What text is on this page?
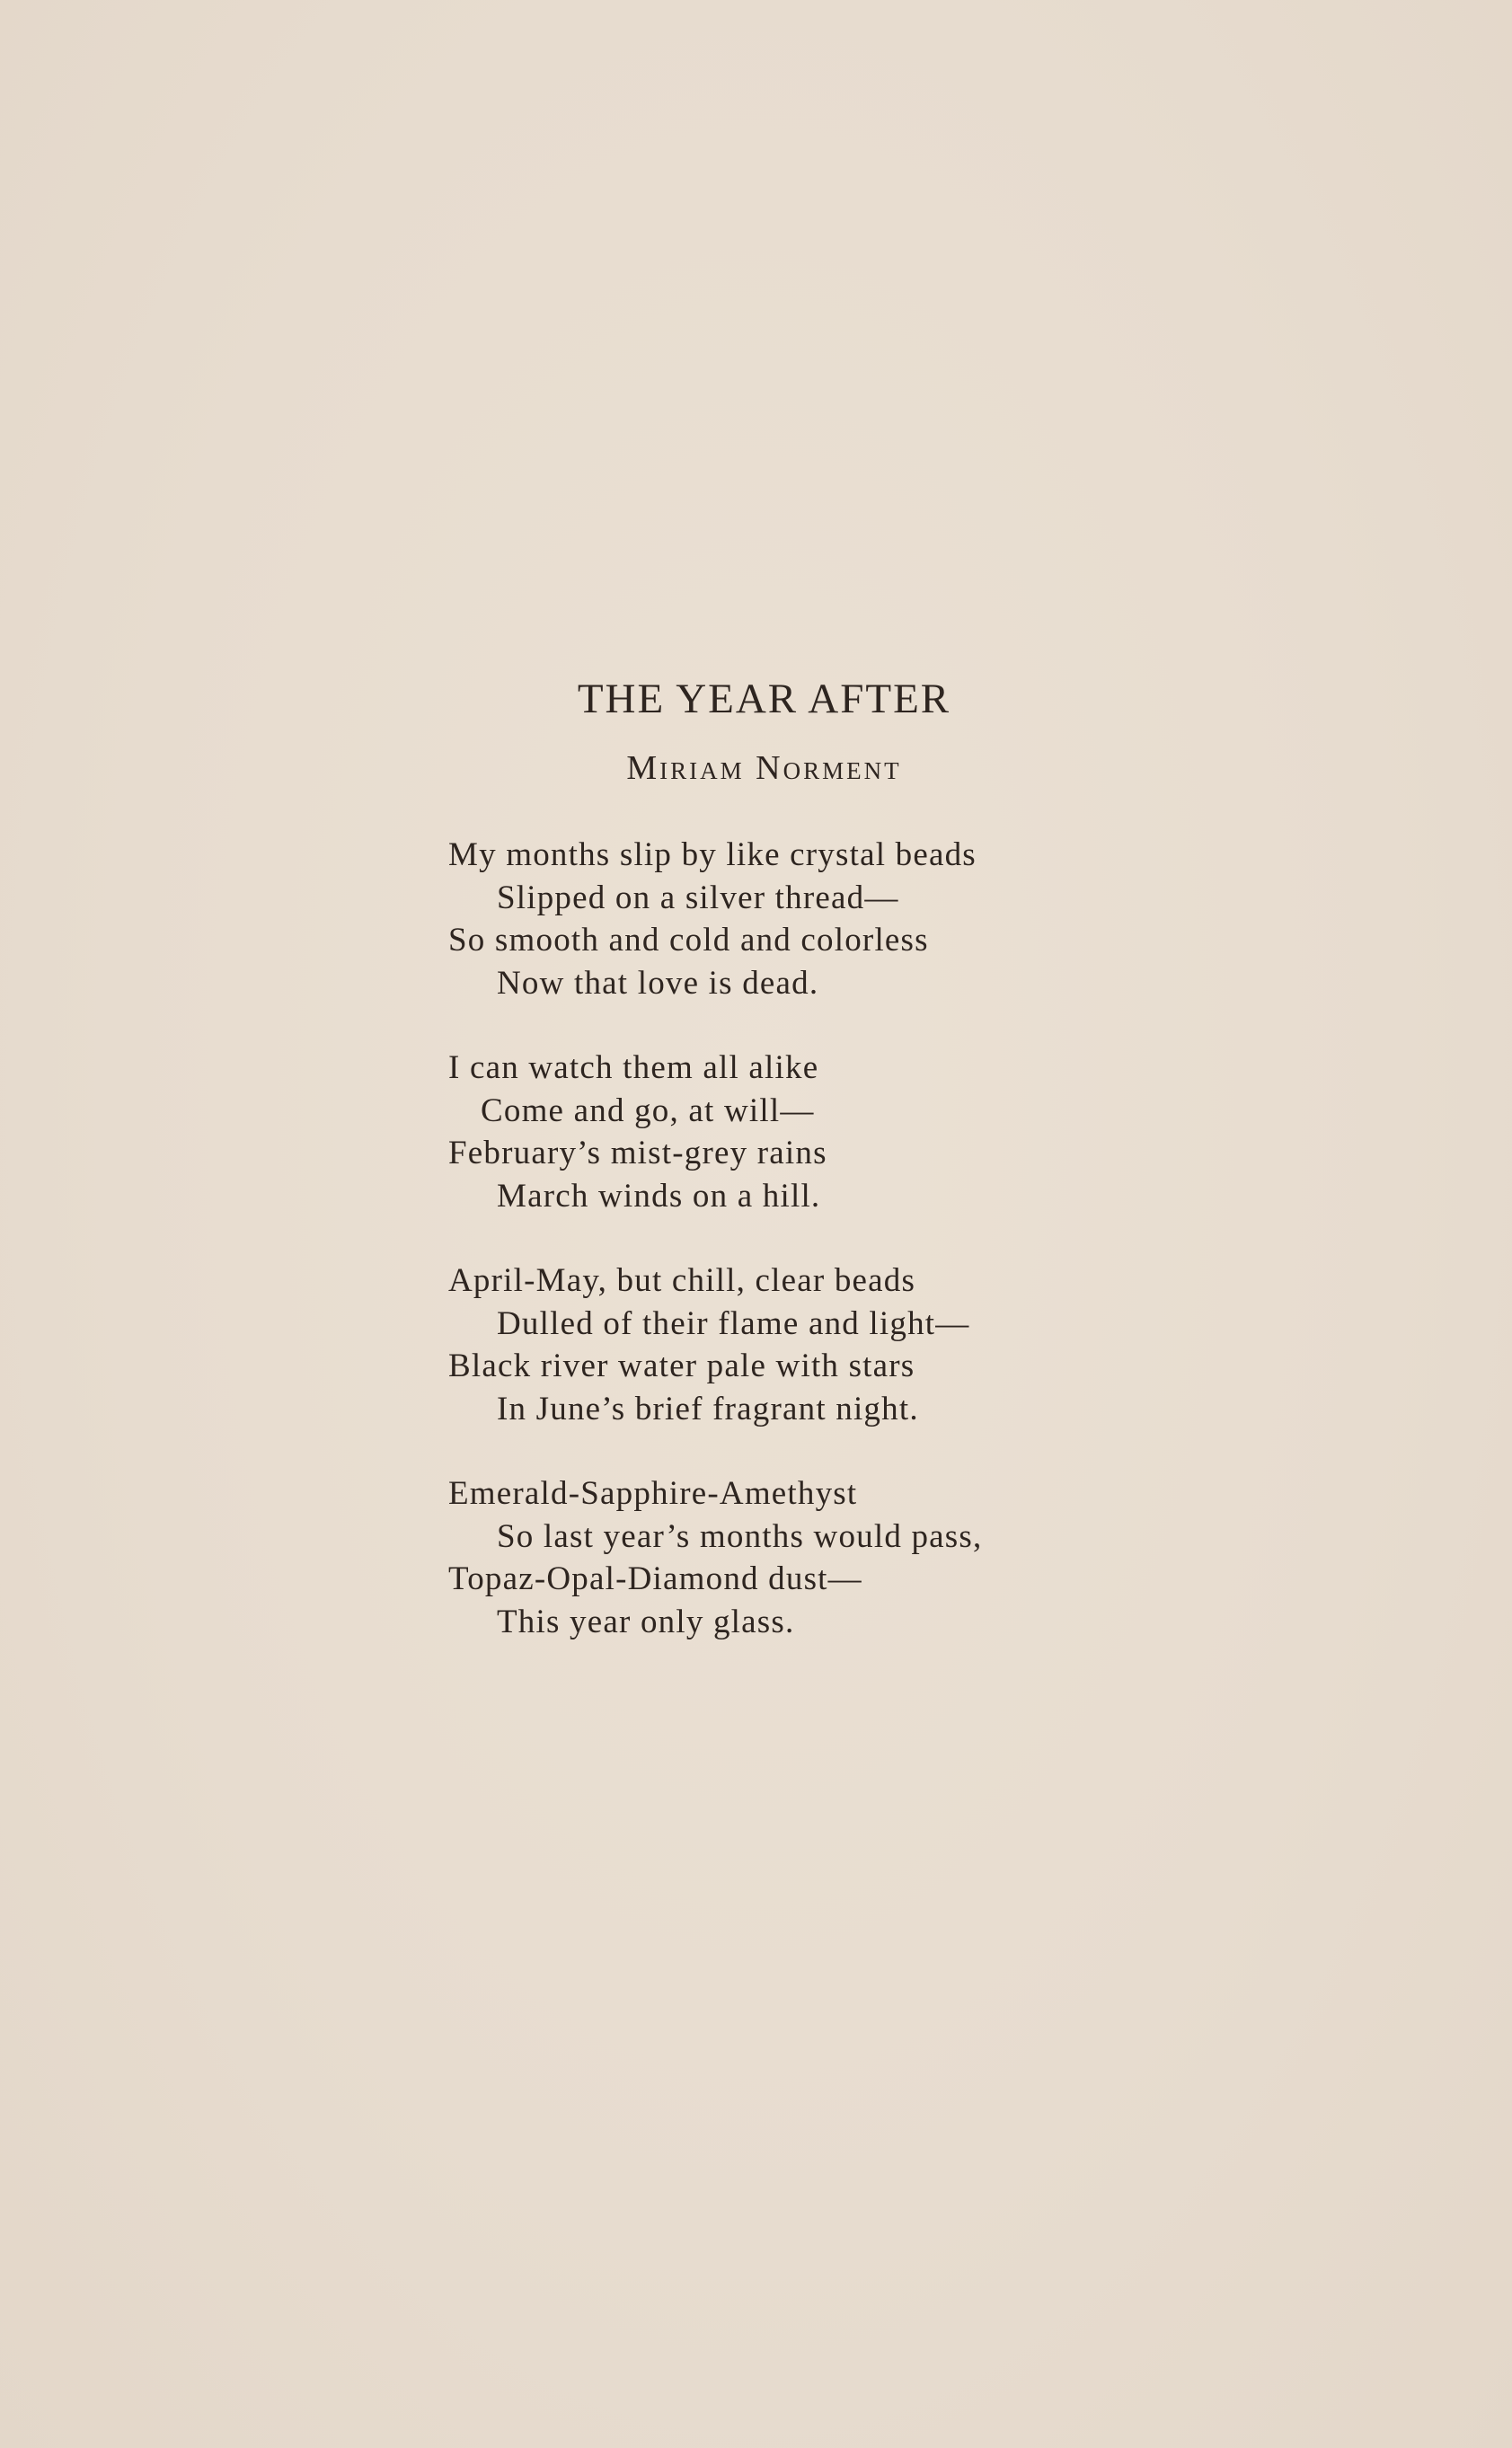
THE YEAR AFTER
Miriam Norment
My months slip by like crystal beads
Slipped on a silver thread—
So smooth and cold and colorless
Now that love is dead.
I can watch them all alike
Come and go, at will—
February’s mist-grey rains
March winds on a hill.
April-May, but chill, clear beads
Dulled of their flame and light—
Black river water pale with stars
In June’s brief fragrant night.
Emerald-Sapphire-Amethyst
So last year’s months would pass,
Topaz-Opal-Diamond dust—
This year only glass.
